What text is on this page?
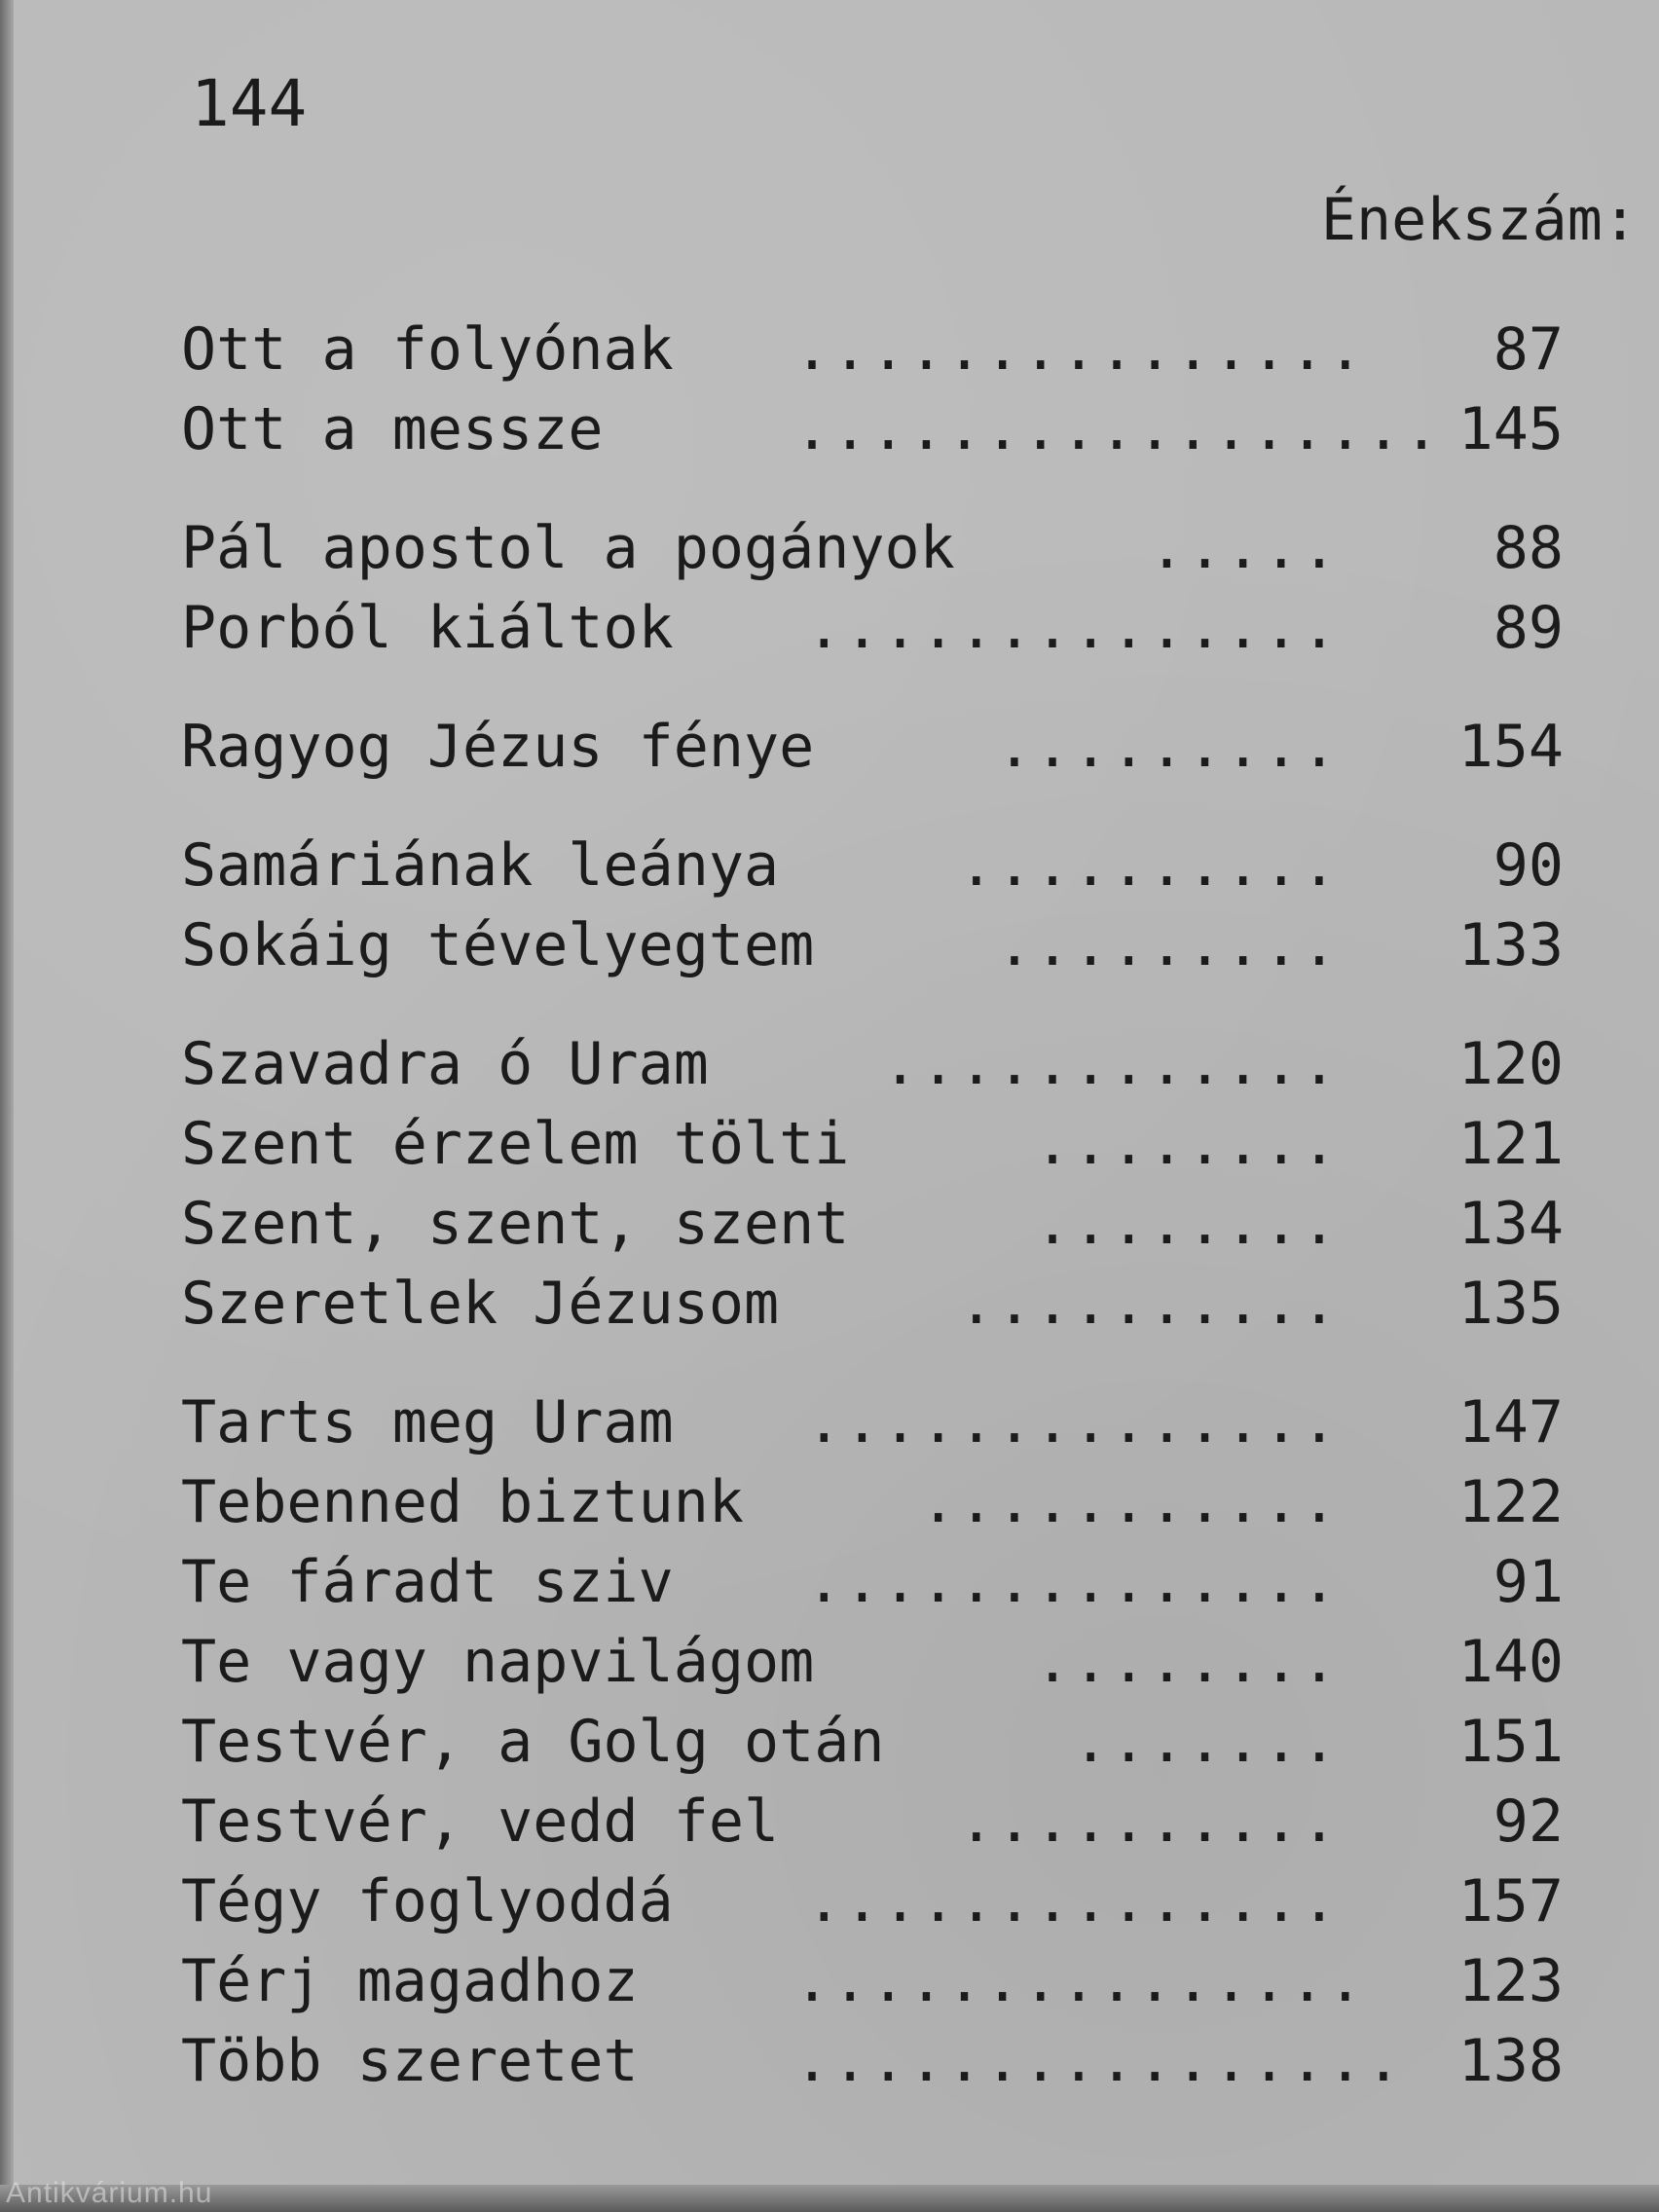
144
Énekszám:
Ott a folyónak ...............	87
Ott a messze	................. 145
Pál apostol a pogányok	.....	88
Porból kiáltok ..............	89
Ragyog Jézus fénye	.........	154
Samáriának leánya	..........	90
Sokáig tévelyegtem	.........	133
Szavadra ó Uram	............	120
Szent érzelem tölti	........	121
Szent, szent, szent	........	134
Szeretlek Jézusom	..........	135
Tarts meg Uram ..............	147
Tebenned biztunk	...........	122
Te fáradt sziv ..............	91
Te vagy napvilágom	........	140
Testvér, a Golg otán	.......	151
Testvér, vedd fel	..........	92
Tégy foglyoddá ..............	157
Térj magadhoz	...............	123
Több szeretet	................ 138
Antikvárium.hu
